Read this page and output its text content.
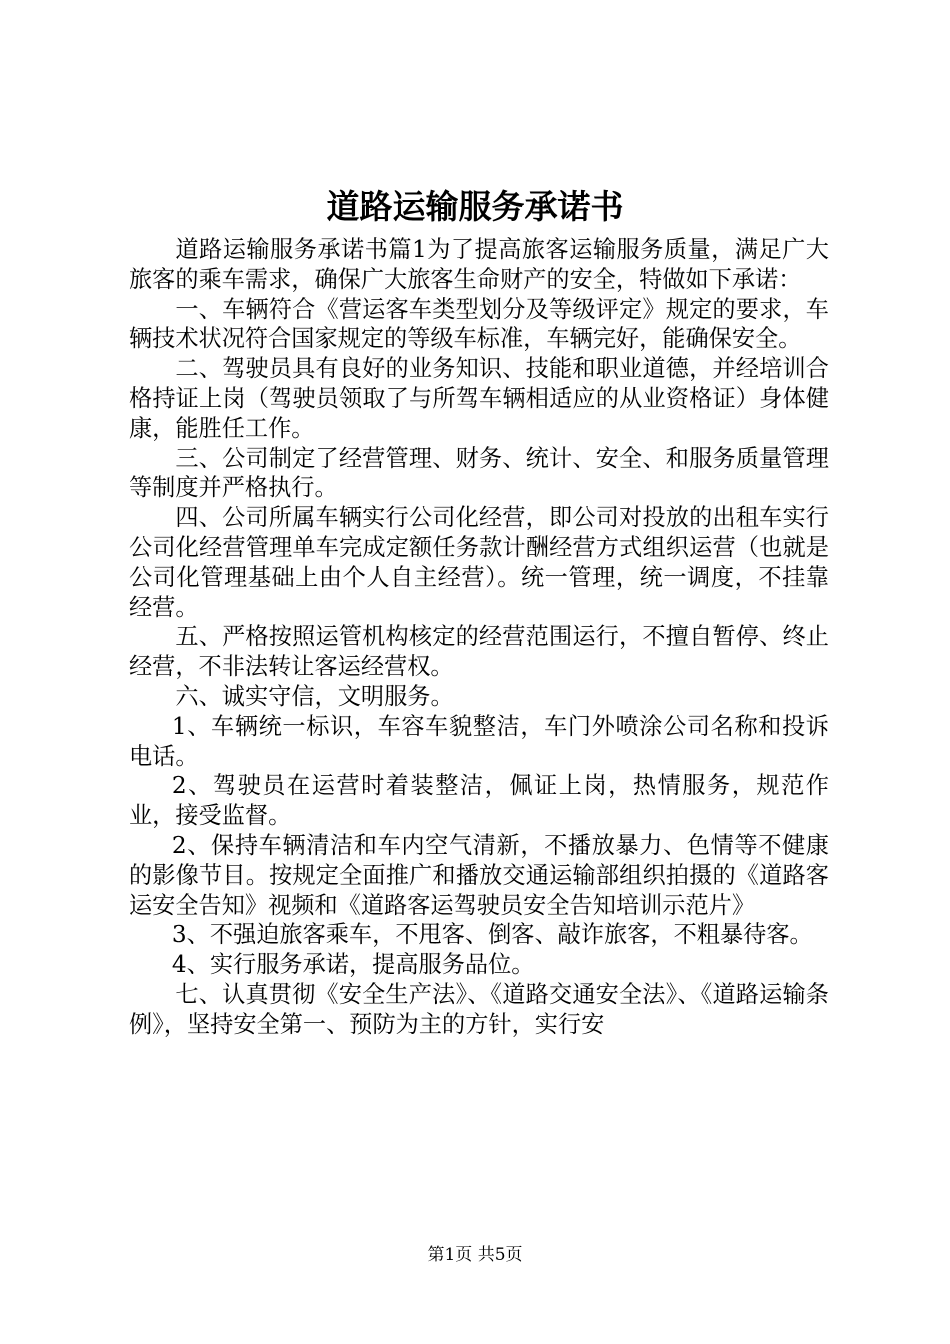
道路运输服务承诺书

道路运输服务承诺书篇1为了提高旅客运输服务质量，满足广大旅客的乘车需求，确保广大旅客生命财产的安全，特做如下承诺：

一、车辆符合《营运客车类型划分及等级评定》规定的要求，车辆技术状况符合国家规定的等级车标准，车辆完好，能确保安全。

二、驾驶员具有良好的业务知识、技能和职业道德，并经培训合格持证上岗（驾驶员领取了与所驾车辆相适应的从业资格证）身体健康，能胜任工作。

三、公司制定了经营管理、财务、统计、安全、和服务质量管理等制度并严格执行。

四、公司所属车辆实行公司化经营，即公司对投放的出租车实行公司化经营管理单车完成定额任务款计酬经营方式组织运营（也就是公司化管理基础上由个人自主经营）。统一管理，统一调度，不挂靠经营。

五、严格按照运管机构核定的经营范围运行，不擅自暂停、终止经营，不非法转让客运经营权。

六、诚实守信，文明服务。

1、车辆统一标识，车容车貌整洁，车门外喷涂公司名称和投诉电话。

2、驾驶员在运营时着装整洁，佩证上岗，热情服务，规范作业，接受监督。

2、保持车辆清洁和车内空气清新，不播放暴力、色情等不健康的影像节目。按规定全面推广和播放交通运输部组织拍摄的《道路客运安全告知》视频和《道路客运驾驶员安全告知培训示范片》

3、不强迫旅客乘车，不甩客、倒客、敲诈旅客，不粗暴待客。

4、实行服务承诺，提高服务品位。

七、认真贯彻《安全生产法》、《道路交通安全法》、《道路运输条例》，坚持安全第一、预防为主的方针，实行安

第1页 共5页
